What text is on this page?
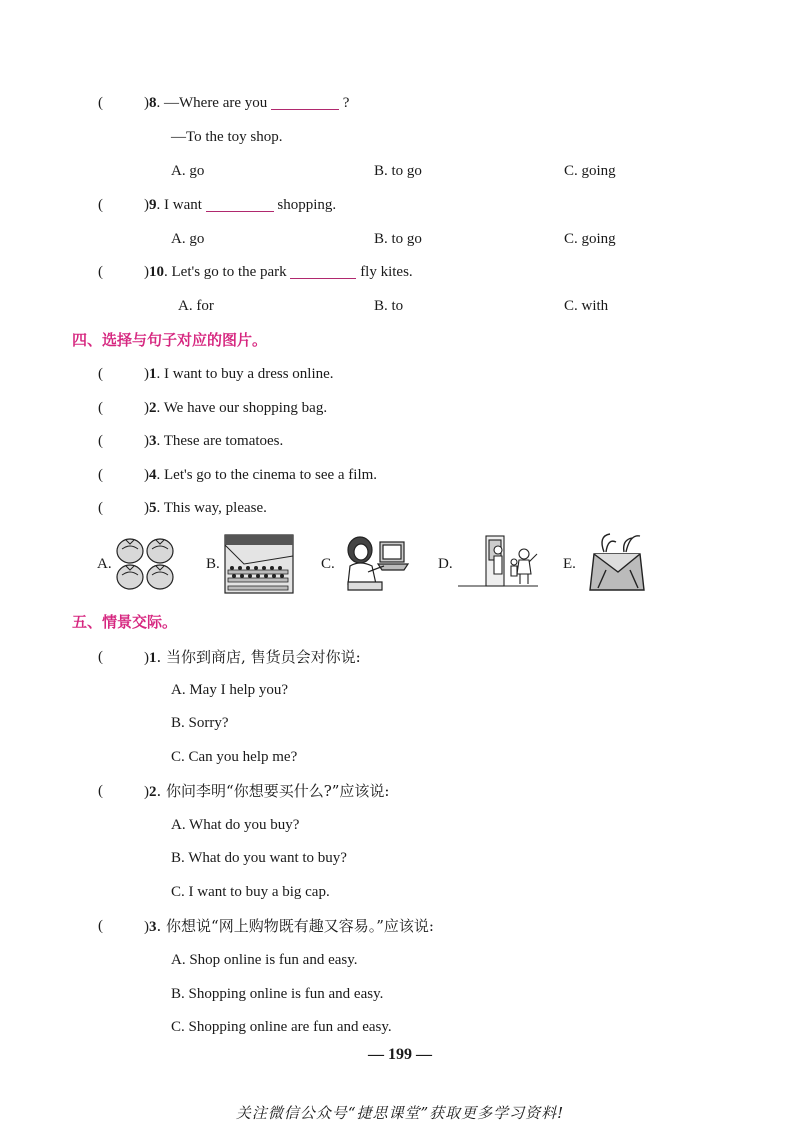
(	)8. —Where are you	?
—To the toy shop.
A. go	B. to go	C. going
(	)9. I want	shopping.
A. go	B. to go	C. going
(	)10. Let's go to the park	fly kites.
A. for	B. to	C. with
四、选择与句子对应的图片。
(	)1. I want to buy a dress online.
(	)2. We have our shopping bag.
(	)3. These are tomatoes.
(	)4. Let's go to the cinema to see a film.
(	)5. This way, please.
A.	B.	C.	D.	E.
五、情景交际。
(	)1. 当你到商店, 售货员会对你说:
A. May I help you?
B. Sorry?
C. Can you help me?
(	)2. 你问李明“你想要买什么?”应该说:
A. What do you buy?
B. What do you want to buy?
C. I want to buy a big cap.
(	)3. 你想说“网上购物既有趣又容易。”应该说:
A. Shop online is fun and easy.
B. Shopping online is fun and easy.
C. Shopping online are fun and easy.
— 199 —
关注微信公众号“捷思课堂”获取更多学习资料!
